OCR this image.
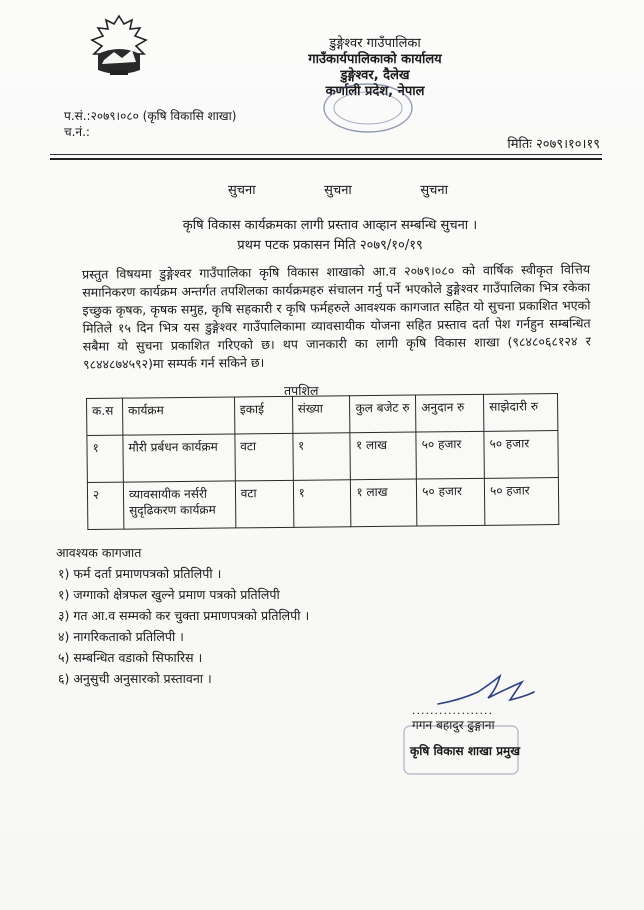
डुङ्गेश्वर गाउँपालिका
गाउँकार्यपालिकाको कार्यालय
डुङ्गेश्वर, दैलेख
कर्णाली प्रदेश, नेपाल
प.सं.:२०७९।०८० (कृषि विकासि शाखा)
च.नं.:
मितिः २०७९।१०।१९
सुचना	सुचना	सुचना
कृषि विकास कार्यक्रमका लागी प्रस्ताव आव्हान सम्बन्धि सुचना ।
प्रथम पटक प्रकासन मिति २०७९/१०/१९
प्रस्तुत विषयमा डुङ्गेश्वर गाउँपालिका कृषि विकास शाखाको आ.व २०७९।०८० को वार्षिक स्वीकृत वित्तिय समानिकरण कार्यक्रम अन्तर्गत तपशिलका कार्यक्रमहरु संचालन गर्नु पर्ने भएकोले डुङ्गेश्वर गाउँपालिका भित्र रकेका इच्छुक कृषक, कृषक समुह, कृषि सहकारी र कृषि फर्महरुले आवश्यक कागजात सहित यो सुचना प्रकाशित भएको मितिले १५ दिन भित्र यस डुङ्गेश्वर गाउँपालिकामा व्यावसायीक योजना सहित प्रस्ताव दर्ता पेश गर्नहुन सम्बन्धित सबैमा यो सुचना प्रकाशित गरिएको छ। थप जानकारी का लागी कृषि विकास शाखा (९८४८०६८१२४ र ९८४४८७४५९२)मा सम्पर्क गर्न सकिने छ।
तपशिल
क.स	कार्यक्रम	इकाई	संख्या	कुल बजेट रु	अनुदान रु	साझेदारी रु
१	मौरी प्रर्बधन कार्यक्रम	वटा	१	१ लाख	५० हजार	५० हजार
२	व्यावसायीक नर्सरी सुदृढिकरण कार्यक्रम	वटा	१	१ लाख	५० हजार	५० हजार
आवश्यक कागजात
१) फर्म दर्ता प्रमाणपत्रको प्रतिलिपी ।
१) जग्गाको क्षेत्रफल खुल्ने प्रमाण पत्रको प्रतिलिपी
३) गत आ.व सम्मको कर चुक्ता प्रमाणपत्रको प्रतिलिपी ।
४) नागरिकताको प्रतिलिपी ।
५) सम्बन्धित वडाको सिफारिस ।
६) अनुसुची अनुसारको प्रस्तावना ।
..................
गगन बहादुर ढुङ्गाना
कृषि विकास शाखा प्रमुख
